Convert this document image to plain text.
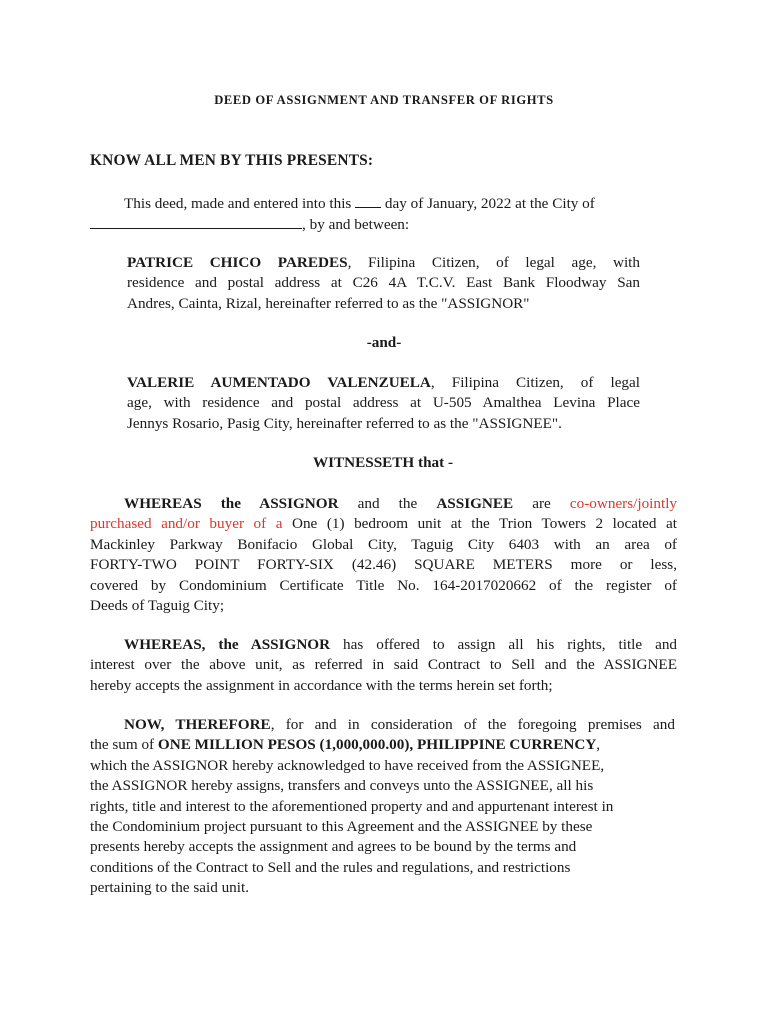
DEED OF ASSIGNMENT AND TRANSFER OF RIGHTS
KNOW ALL MEN BY THIS PRESENTS:
This deed, made and entered into this day of January, 2022 at the City of
, by and between:
PATRICE CHICO PAREDES, Filipina Citizen, of legal age, with
residence and postal address at C26 4A T.C.V. East Bank Floodway San
Andres, Cainta, Rizal, hereinafter referred to as the "ASSIGNOR"
-and-
VALERIE AUMENTADO VALENZUELA, Filipina Citizen, of legal
age, with residence and postal address at U-505 Amalthea Levina Place
Jennys Rosario, Pasig City, hereinafter referred to as the "ASSIGNEE".
WITNESSETH that -
WHEREAS the ASSIGNOR and the ASSIGNEE are co-owners/jointly
purchased and/or buyer of a One (1) bedroom unit at the Trion Towers 2 located at
Mackinley Parkway Bonifacio Global City, Taguig City 6403 with an area of
FORTY-TWO POINT FORTY-SIX (42.46) SQUARE METERS more or less,
covered by Condominium Certificate Title No. 164-2017020662 of the register of
Deeds of Taguig City;
WHEREAS, the ASSIGNOR has offered to assign all his rights, title and
interest over the above unit, as referred in said Contract to Sell and the ASSIGNEE
hereby accepts the assignment in accordance with the terms herein set forth;
NOW, THEREFORE, for and in consideration of the foregoing premises and
the sum of ONE MILLION PESOS (1,000,000.00), PHILIPPINE CURRENCY,
which the ASSIGNOR hereby acknowledged to have received from the ASSIGNEE,
the ASSIGNOR hereby assigns, transfers and conveys unto the ASSIGNEE, all his
rights, title and interest to the aforementioned property and and appurtenant interest in
the Condominium project pursuant to this Agreement and the ASSIGNEE by these
presents hereby accepts the assignment and agrees to be bound by the terms and
conditions of the Contract to Sell and the rules and regulations, and restrictions
pertaining to the said unit.
